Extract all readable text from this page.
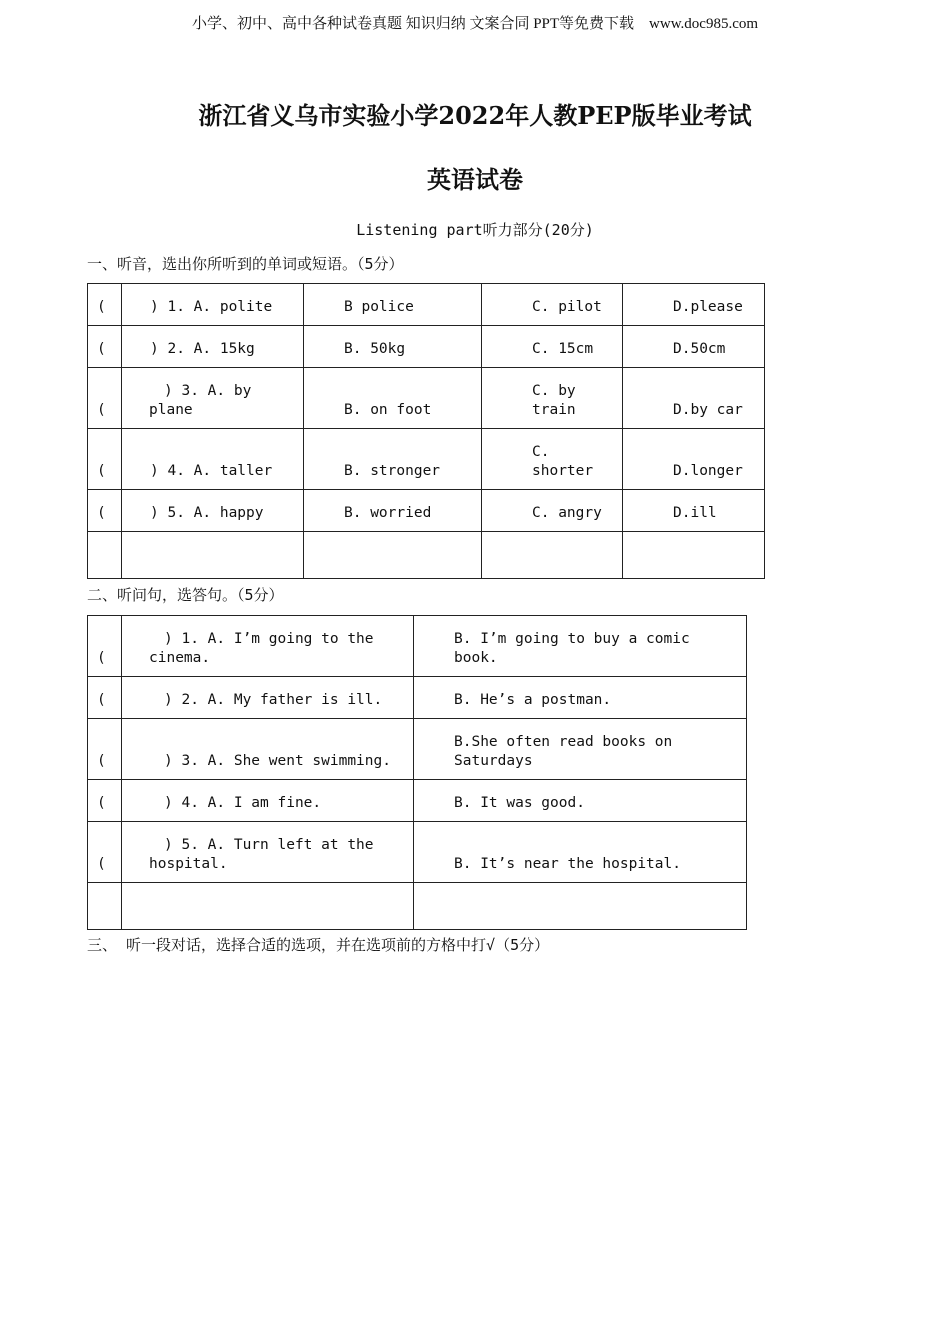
小学、初中、高中各种试卷真题 知识归纳 文案合同 PPT等免费下载    www.doc985.com
浙江省义乌市实验小学2022年人教PEP版毕业考试
英语试卷
Listening part听力部分(20分)
一、听音，选出你所听到的单词或短语。（5分）
(	) 1. A. polite	B police	C. pilot	D.please
(	) 2. A. 15kg	B. 50kg	C. 15cm	D.50cm
(	) 3. A. by
plane	B. on foot	C. by
train	D.by car
(	) 4. A. taller	B. stronger	C.
shorter	D.longer
(	) 5. A. happy	B. worried	C. angry	D.ill

二、听问句，选答句。（5分）
(	) 1. A. I’m going to the
cinema.	B. I’m going to buy a comic
book.

(	) 2. A. My father is ill.	B. He’s a postman.
(	) 3. A. She went swimming.	B.She often read books on
Saturdays

(	) 4. A. I am fine.	B. It was good.
(	) 5. A. Turn left at the
hospital.	B. It’s near the hospital.

三、 听一段对话，选择合适的选项，并在选项前的方格中打√（5分）
